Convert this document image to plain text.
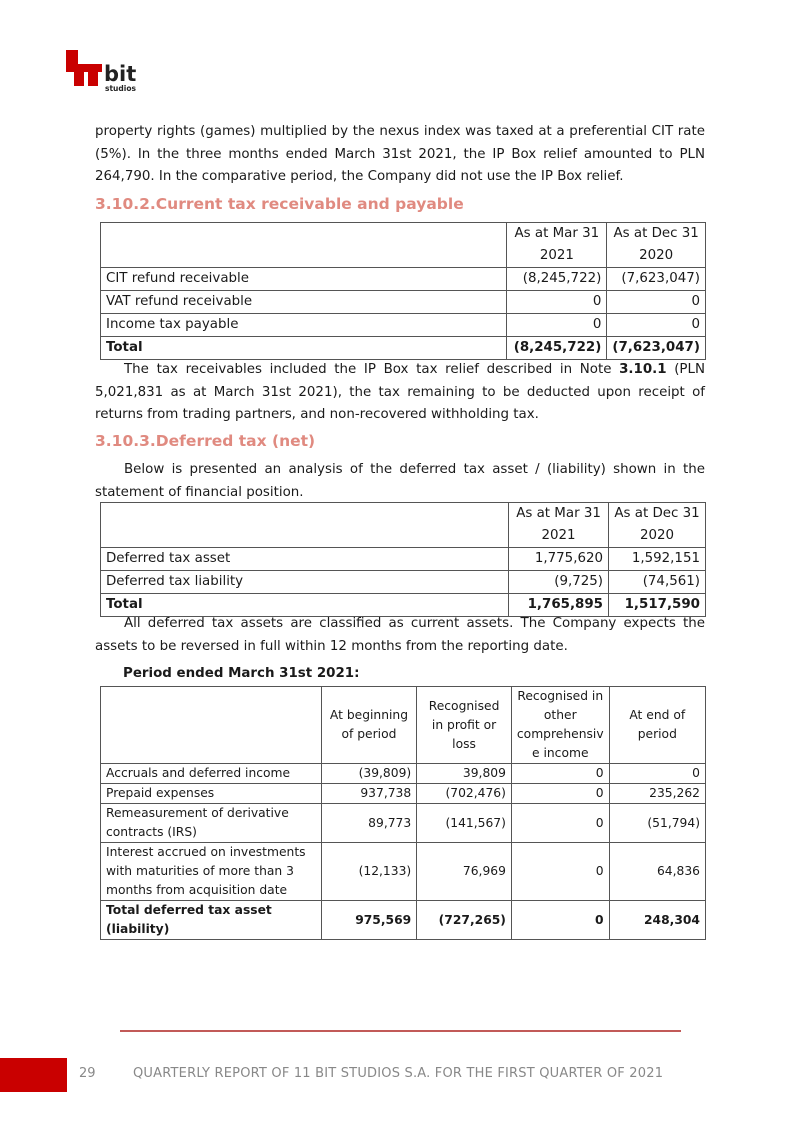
bit
studios

property rights (games) multiplied by the nexus index was taxed at a preferential CIT rate (5%). In the three months ended March 31st 2021, the IP Box relief amounted to PLN 264,790. In the comparative period, the Company did not use the IP Box relief.

3.10.2.Current tax receivable and payable
	As at Mar 31 2021	As at Dec 31 2020
CIT refund receivable	(8,245,722)	(7,623,047)
VAT refund receivable	0	0
Income tax payable	0	0
Total	(8,245,722)	(7,623,047)

The tax receivables included the IP Box tax relief described in Note 3.10.1 (PLN 5,021,831 as at March 31st 2021), the tax remaining to be deducted upon receipt of returns from trading partners, and non-recovered withholding tax.

3.10.3.Deferred tax (net)

Below is presented an analysis of the deferred tax asset / (liability) shown in the statement of financial position.

	As at Mar 31 2021	As at Dec 31 2020
Deferred tax asset	1,775,620	1,592,151
Deferred tax liability	(9,725)	(74,561)
Total	1,765,895	1,517,590

All deferred tax assets are classified as current assets. The Company expects the assets to be reversed in full within 12 months from the reporting date.

Period ended March 31st 2021:

	At beginning of period	Recognised in profit or loss	Recognised in other comprehensiv e income	At end of period
Accruals and deferred income	(39,809)	39,809	0	0
Prepaid expenses	937,738	(702,476)	0	235,262
Remeasurement of derivative contracts (IRS)	89,773	(141,567)	0	(51,794)
Interest accrued on investments with maturities of more than 3 months from acquisition date	(12,133)	76,969	0	64,836
Total deferred tax asset (liability)	975,569	(727,265)	0	248,304
29	QUARTERLY REPORT OF 11 BIT STUDIOS S.A. FOR THE FIRST QUARTER OF 2021
